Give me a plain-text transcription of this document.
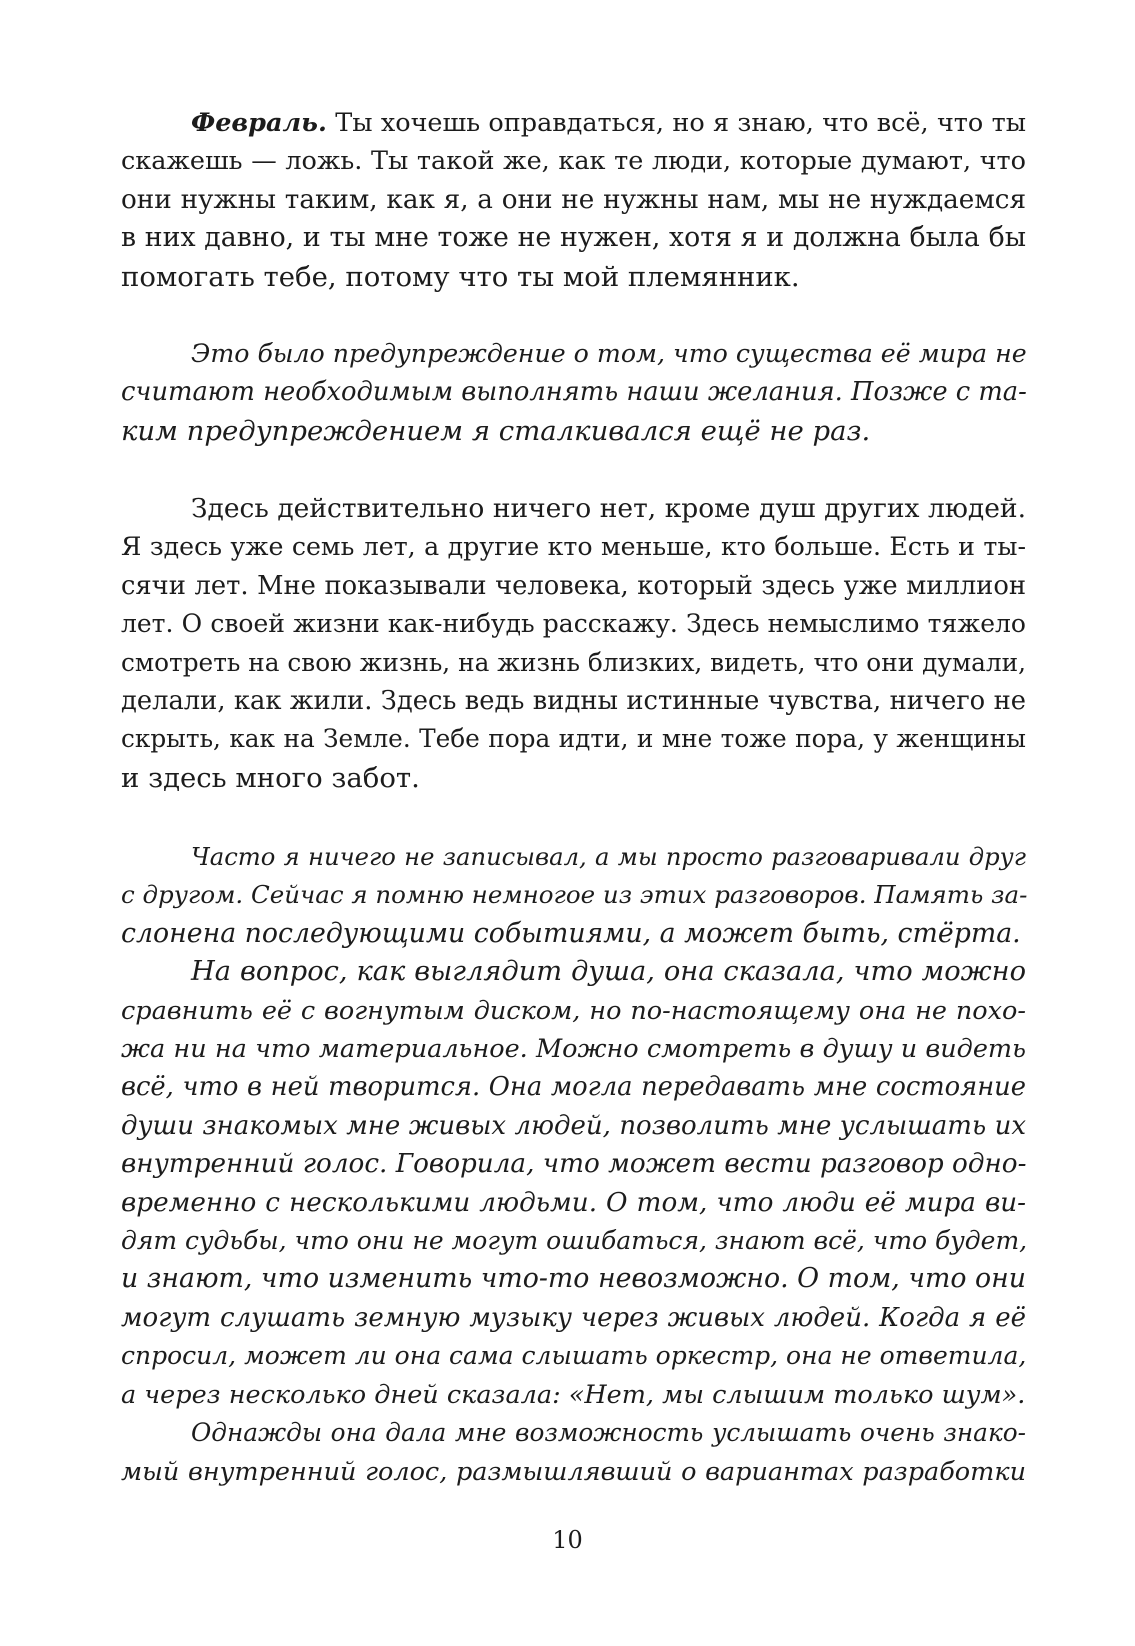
Февраль. Ты хочешь оправдаться, но я знаю, что всё, что ты
скажешь — ложь. Ты такой же, как те люди, которые думают, что
они нужны таким, как я, а они не нужны нам, мы не нуждаемся
в них давно, и ты мне тоже не нужен, хотя я и должна была бы
помогать тебе, потому что ты мой племянник.
Это было предупреждение о том, что существа её мира не
считают необходимым выполнять наши желания. Позже с та-
ким предупреждением я сталкивался ещё не раз.
Здесь действительно ничего нет, кроме душ других людей.
Я здесь уже семь лет, а другие кто меньше, кто больше. Есть и ты-
сячи лет. Мне показывали человека, который здесь уже миллион
лет. О своей жизни как-нибудь расскажу. Здесь немыслимо тяжело
смотреть на свою жизнь, на жизнь близких, видеть, что они думали,
делали, как жили. Здесь ведь видны истинные чувства, ничего не
скрыть, как на Земле. Тебе пора идти, и мне тоже пора, у женщины
и здесь много забот.
Часто я ничего не записывал, а мы просто разговаривали друг
с другом. Сейчас я помню немногое из этих разговоров. Память за-
слонена последующими событиями, а может быть, стёрта.
На вопрос, как выглядит душа, она сказала, что можно
сравнить её с вогнутым диском, но по-настоящему она не похо-
жа ни на что материальное. Можно смотреть в душу и видеть
всё, что в ней творится. Она могла передавать мне состояние
души знакомых мне живых людей, позволить мне услышать их
внутренний голос. Говорила, что может вести разговор одно-
временно с несколькими людьми. О том, что люди её мира ви-
дят судьбы, что они не могут ошибаться, знают всё, что будет,
и знают, что изменить что-то невозможно. О том, что они
могут слушать земную музыку через живых людей. Когда я её
спросил, может ли она сама слышать оркестр, она не ответила,
а через несколько дней сказала: «Нет, мы слышим только шум».
Однажды она дала мне возможность услышать очень знако-
мый внутренний голос, размышлявший о вариантах разработки
10
